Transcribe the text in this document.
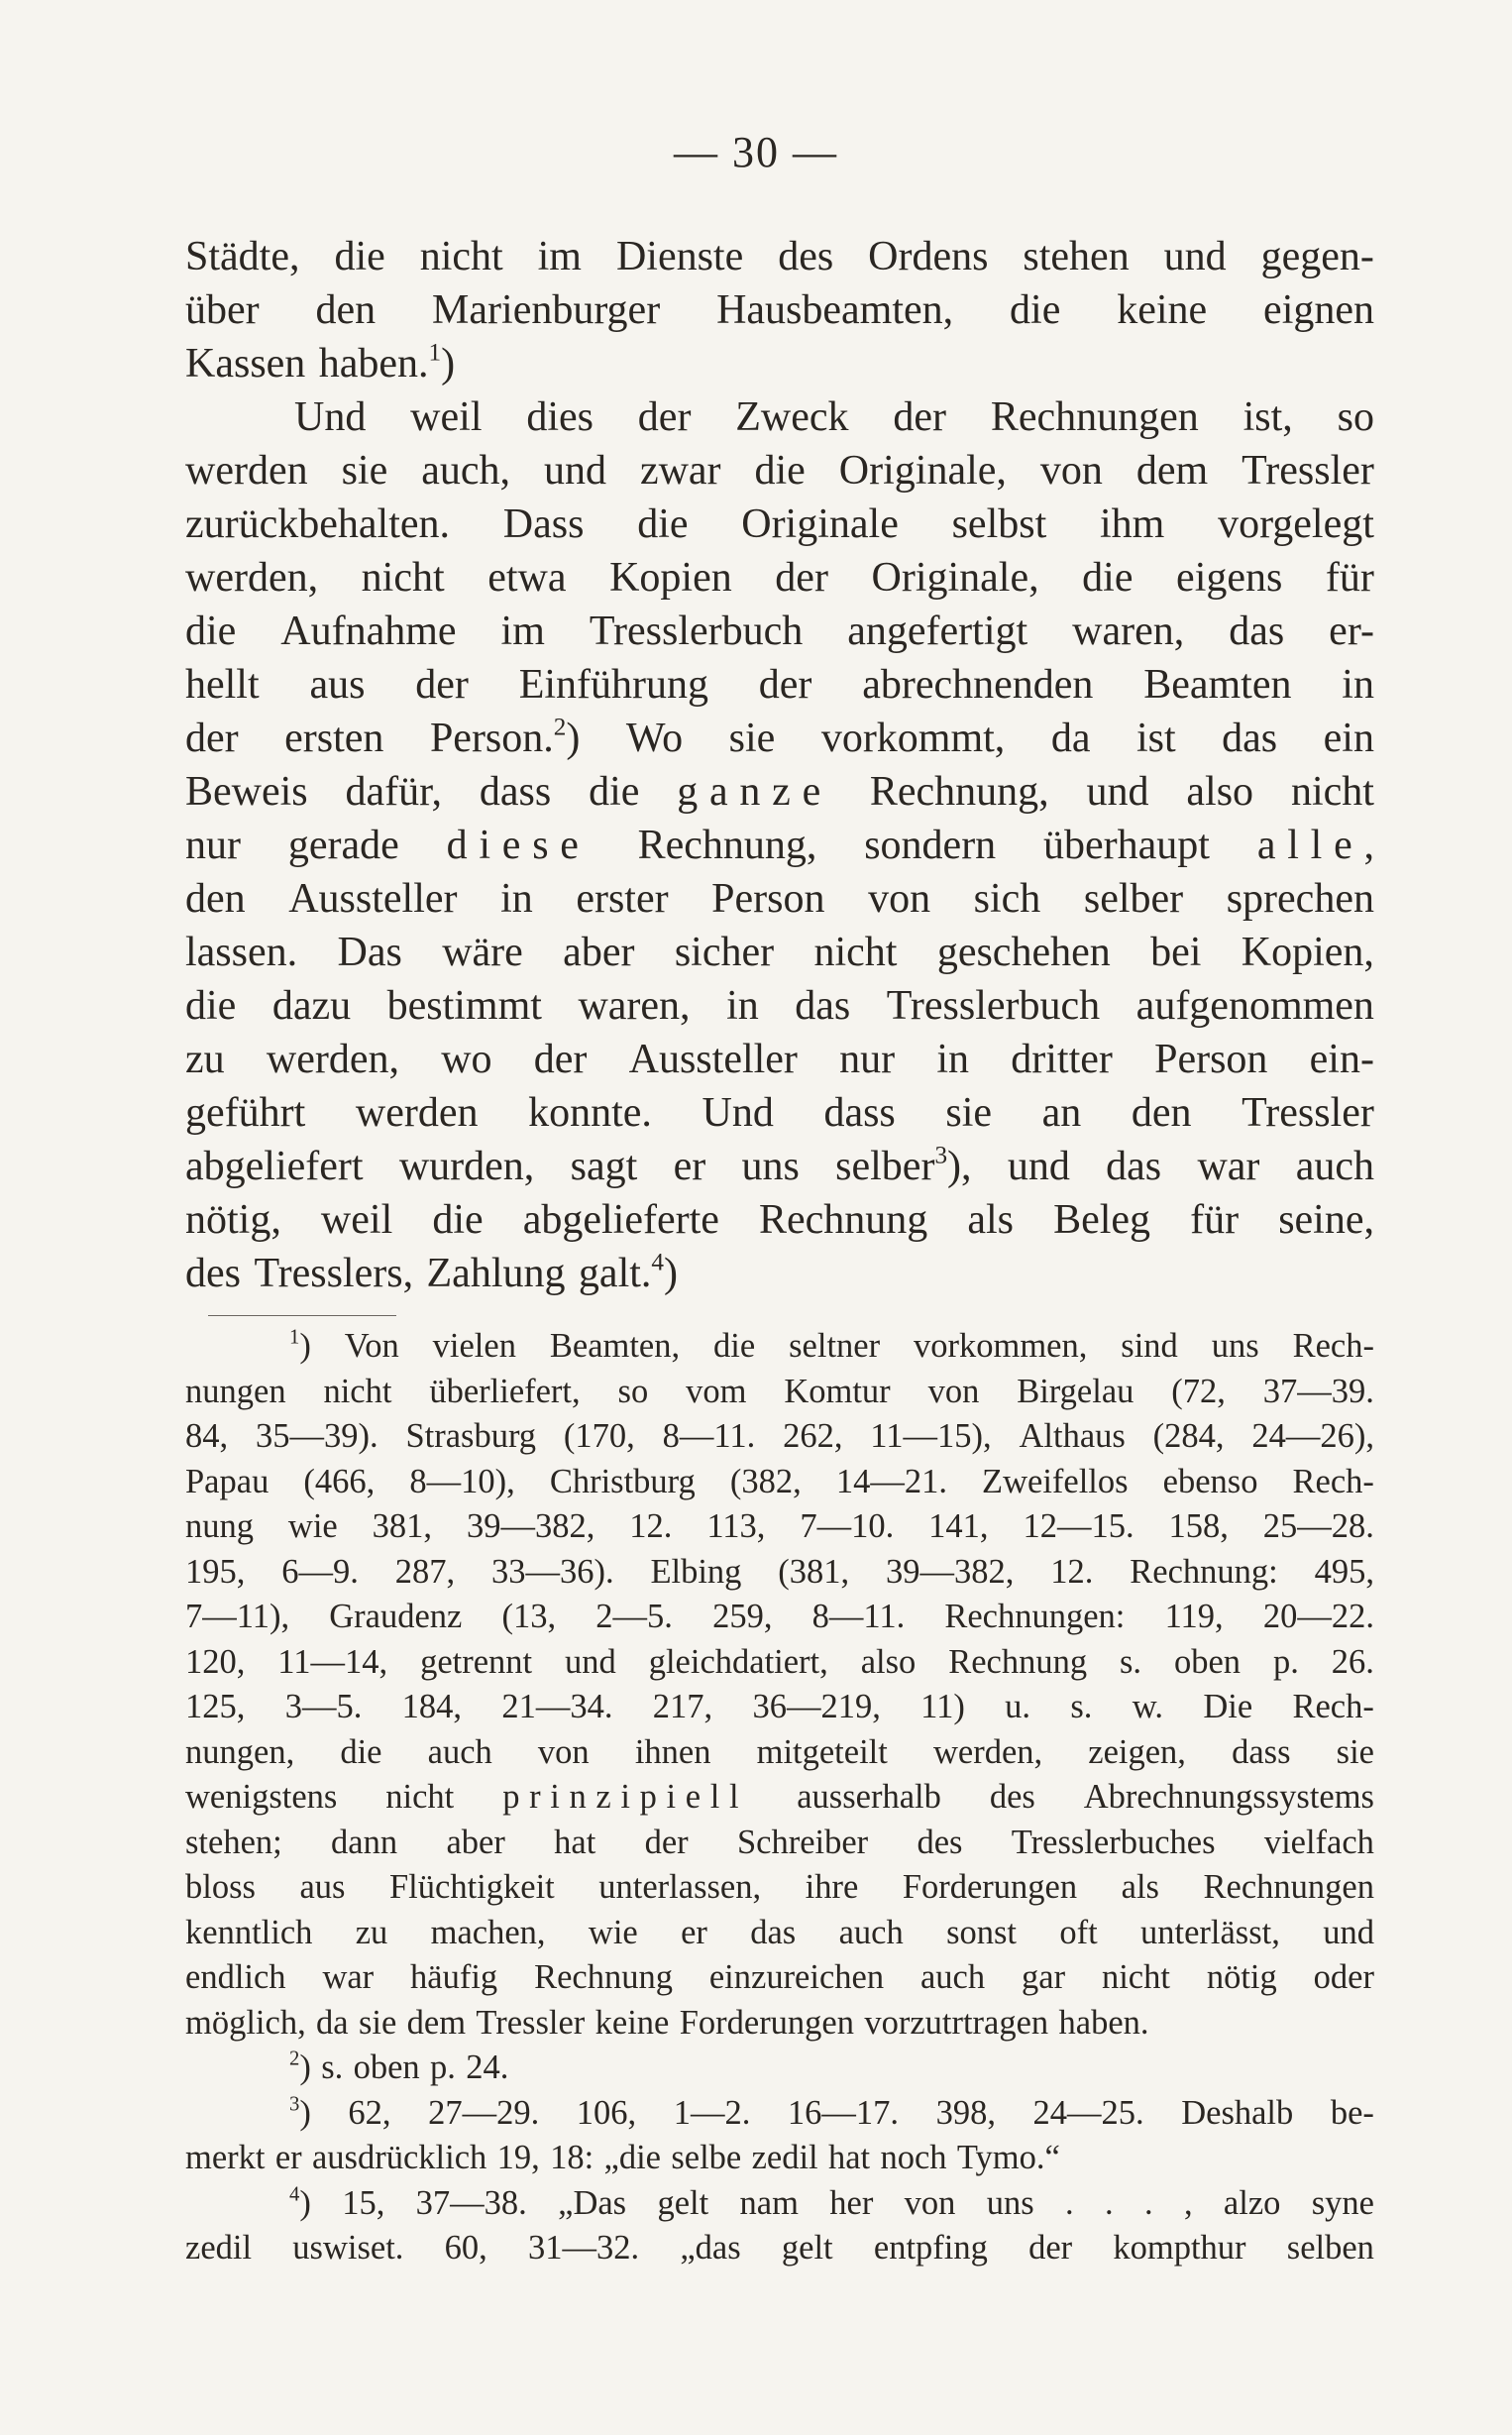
— 30 —
Städte, die nicht im Dienste des Ordens stehen und gegen-
über den Marienburger Hausbeamten, die keine eignen
Kassen haben.$^1$)
Und weil dies der Zweck der Rechnungen ist, so
werden sie auch, und zwar die Originale, von dem Tressler
zurückbehalten. Dass die Originale selbst ihm vorgelegt
werden, nicht etwa Kopien der Originale, die eigens für
die Aufnahme im Tresslerbuch angefertigt waren, das er-
hellt aus der Einführung der abrechnenden Beamten in
der ersten Person.$^2$) Wo sie vorkommt, da ist das ein
Beweis dafür, dass die ganze Rechnung, und also nicht
nur gerade diese Rechnung, sondern überhaupt alle,
den Aussteller in erster Person von sich selber sprechen
lassen. Das wäre aber sicher nicht geschehen bei Kopien,
die dazu bestimmt waren, in das Tresslerbuch aufgenommen
zu werden, wo der Aussteller nur in dritter Person ein-
geführt werden konnte. Und dass sie an den Tressler
abgeliefert wurden, sagt er uns selber$^3$), und das war auch
nötig, weil die abgelieferte Rechnung als Beleg für seine,
des Tresslers, Zahlung galt.$^4$)
$^1$) Von vielen Beamten, die seltner vorkommen, sind uns Rech-
nungen nicht überliefert, so vom Komtur von Birgelau (72, 37—39.
84, 35—39). Strasburg (170, 8—11. 262, 11—15), Althaus (284, 24—26),
Papau (466, 8—10), Christburg (382, 14—21. Zweifellos ebenso Rech-
nung wie 381, 39—382, 12. 113, 7—10. 141, 12—15. 158, 25—28.
195, 6—9. 287, 33—36). Elbing (381, 39—382, 12. Rechnung: 495,
7—11), Graudenz (13, 2—5. 259, 8—11. Rechnungen: 119, 20—22.
120, 11—14, getrennt und gleichdatiert, also Rechnung s. oben p. 26.
125, 3—5. 184, 21—34. 217, 36—219, 11) u. s. w. Die Rech-
nungen, die auch von ihnen mitgeteilt werden, zeigen, dass sie
wenigstens nicht prinzipiell ausserhalb des Abrechnungssystems
stehen; dann aber hat der Schreiber des Tresslerbuches vielfach
bloss aus Flüchtigkeit unterlassen, ihre Forderungen als Rechnungen
kenntlich zu machen, wie er das auch sonst oft unterlässt, und
endlich war häufig Rechnung einzureichen auch gar nicht nötig oder
möglich, da sie dem Tressler keine Forderungen vorzutrtragen haben.
$^2$) s. oben p. 24.
$^3$) 62, 27—29. 106, 1—2. 16—17. 398, 24—25. Deshalb be-
merkt er ausdrücklich 19, 18: „die selbe zedil hat noch Tymo.“
$^4$) 15, 37—38. „Das gelt nam her von uns . . . , alzo syne
zedil uswiset. 60, 31—32. „das gelt entpfing der kompthur selben
